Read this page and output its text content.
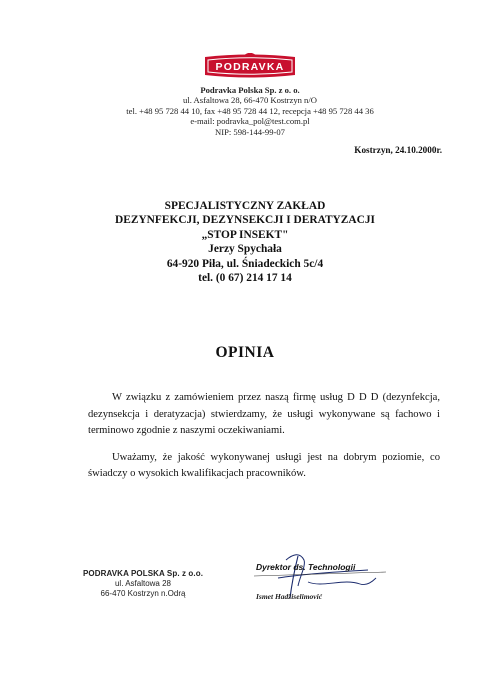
PODRAVKA
Podravka Polska Sp. z o. o.
ul. Asfaltowa 28, 66-470 Kostrzyn n/O
tel. +48 95 728 44 10, fax +48 95 728 44 12, recepcja +48 95 728 44 36
e-mail: podravka_pol@test.com.pl
NIP: 598-144-99-07
Kostrzyn, 24.10.2000r.
SPECJALISTYCZNY ZAKŁAD
DEZYNFEKCJI, DEZYNSEKCJI I DERATYZACJI
„STOP INSEKT"
Jerzy Spychała
64-920 Piła, ul. Śniadeckich 5c/4
tel. (0 67) 214 17 14
OPINIA

W związku z zamówieniem przez naszą firmę usług D D D (dezynfekcja, dezynsekcja i deratyzacja) stwierdzamy, że usługi wykonywane są fachowo i terminowo zgodnie z naszymi oczekiwaniami.

Uważamy, że jakość wykonywanej usługi jest na dobrym poziomie, co świadczy o wysokich kwalifikacjach pracowników.

PODRAVKA POLSKA Sp. z o.o.
ul. Asfaltowa 28
66-470 Kostrzyn n.Odrą
Dyrektor ds. Technologii
Ismet Hadžiselimović
